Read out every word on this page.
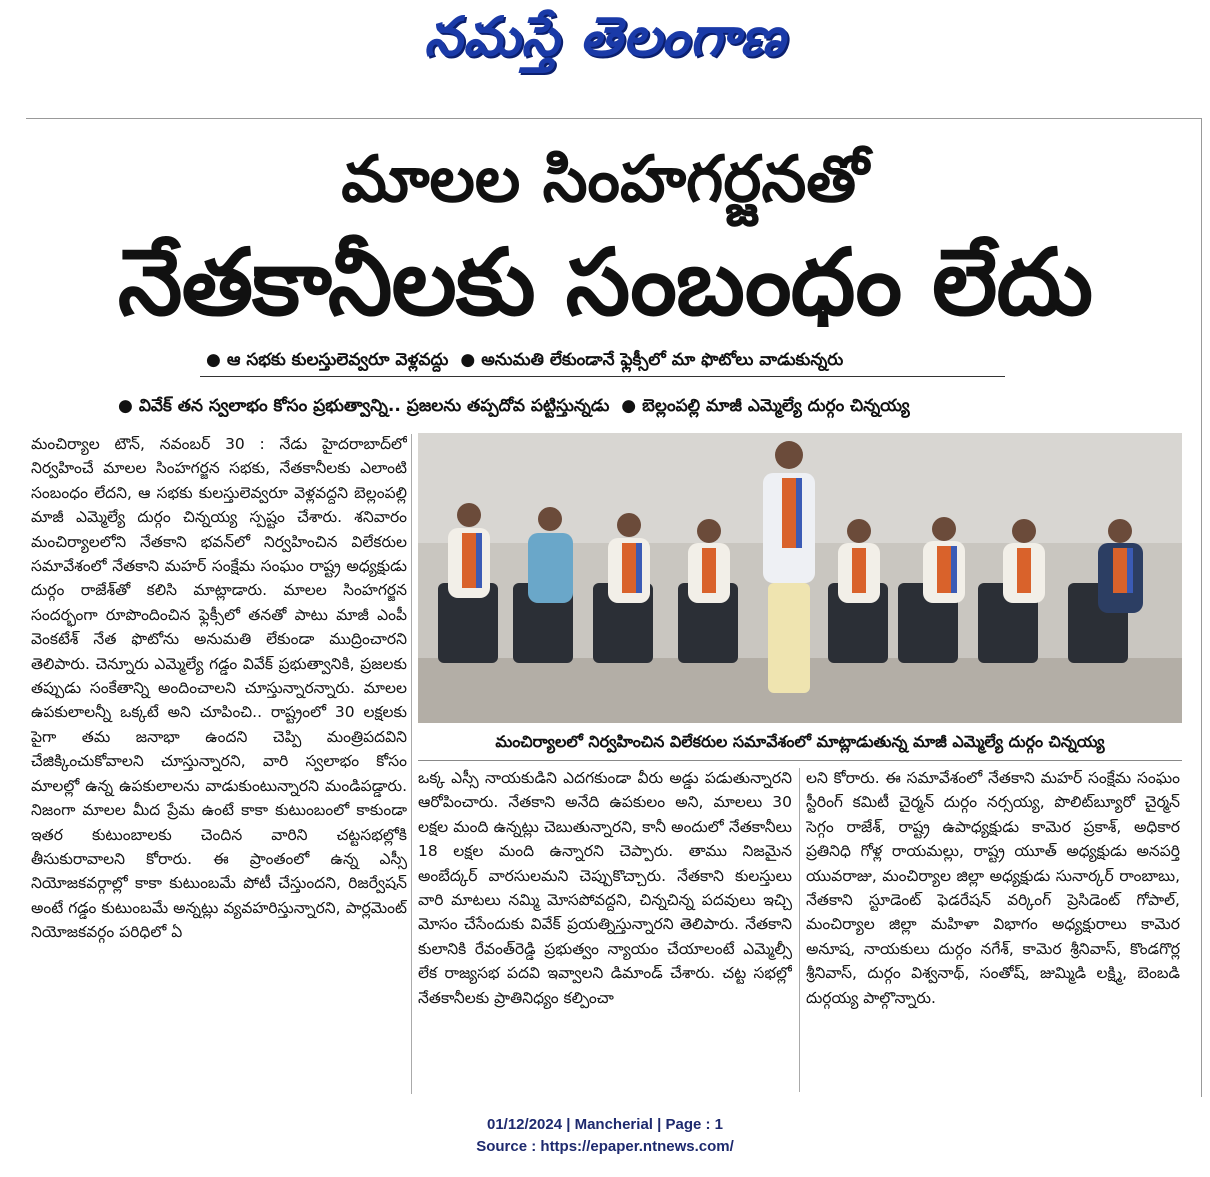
నమస్తే తెలంగాణ
మాలల సింహగర్జనతో
నేతకానీలకు సంబంధం లేదు
● ఆ సభకు కులస్తులెవ్వరూ వెళ్లవద్దు ● అనుమతి లేకుండానే ఫ్లెక్సీలో మా ఫొటోలు వాడుకున్నరు
● వివేక్‌ తన స్వలాభం కోసం ప్రభుత్వాన్ని.. ప్రజలను తప్పదోవ పట్టిస్తున్నడు ● బెల్లంపల్లి మాజీ ఎమ్మెల్యే దుర్గం చిన్నయ్య
మంచిర్యాల టౌన్‌, నవంబర్‌ 30 : నేడు హైదరాబాద్‌లో నిర్వహించే మాలల సింహగర్జన సభకు, నేతకానీలకు ఎలాంటి సంబంధం లేదని, ఆ సభకు కులస్తులెవ్వరూ వెళ్లవద్దని బెల్లంపల్లి మాజీ ఎమ్మెల్యే దుర్గం చిన్నయ్య స్పష్టం చేశారు. శనివారం మంచిర్యాలలోని నేతకాని భవన్‌లో నిర్వహించిన విలేకరుల సమావేశంలో నేతకాని మహర్‌ సంక్షేమ సంఘం రాష్ట్ర అధ్యక్షుడు దుర్గం రాజేశ్‌తో కలిసి మాట్లాడారు. మాలల సింహగర్జన సందర్భంగా రూపొందించిన ఫ్లెక్సీలో తనతో పాటు మాజీ ఎంపీ వెంకటేశ్‌ నేత ఫొటోను అనుమతి లేకుండా ముద్రించారని తెలిపారు. చెన్నూరు ఎమ్మెల్యే గడ్డం వివేక్‌ ప్రభుత్వానికి, ప్రజలకు తప్పుడు సంకేతాన్ని అందించాలని చూస్తున్నారన్నారు. మాలల ఉపకులాలన్నీ ఒక్కటే అని చూపించి.. రాష్ట్రంలో 30 లక్షలకు పైగా తమ జనాభా ఉందని చెప్పి మంత్రిపదవిని చేజిక్కించుకోవాలని చూస్తున్నారని, వారి స్వలాభం కోసం మాలల్లో ఉన్న ఉపకులాలను వాడుకుంటున్నారని మండిపడ్డారు. నిజంగా మాలల మీద ప్రేమ ఉంటే కాకా కుటుంబంలో కాకుండా ఇతర కుటుంబాలకు చెందిన వారిని చట్టసభల్లోకి తీసుకురావాలని కోరారు. ఈ ప్రాంతంలో ఉన్న ఎస్సీ నియోజకవర్గాల్లో కాకా కుటుంబమే పోటీ చేస్తుందని, రిజర్వేషన్‌ అంటే గడ్డం కుటుంబమే అన్నట్లు వ్యవహరిస్తున్నారని, పార్లమెంట్‌ నియోజకవర్గం పరిధిలో ఏ
మంచిర్యాలలో నిర్వహించిన విలేకరుల సమావేశంలో మాట్లాడుతున్న మాజీ ఎమ్మెల్యే దుర్గం చిన్నయ్య
ఒక్క ఎస్సీ నాయకుడిని ఎదగకుండా వీరు అడ్డు పడుతున్నారని ఆరోపించారు. నేతకాని అనేది ఉపకులం అని, మాలలు 30 లక్షల మంది ఉన్నట్లు చెబుతున్నారని, కానీ అందులో నేతకానీలు 18 లక్షల మంది ఉన్నారని చెప్పారు. తాము నిజమైన అంబేద్కర్‌ వారసులమని చెప్పుకొచ్చారు. నేతకాని కులస్తులు వారి మాటలు నమ్మి మోసపోవద్దని, చిన్నచిన్న పదవులు ఇచ్చి మోసం చేసేందుకు వివేక్‌ ప్రయత్నిస్తున్నారని తెలిపారు. నేతకాని కులానికి రేవంత్‌రెడ్డి ప్రభుత్వం న్యాయం చేయాలంటే ఎమ్మెల్సీ లేక రాజ్యసభ పదవి ఇవ్వాలని డిమాండ్‌ చేశారు. చట్ట సభల్లో నేతకానీలకు ప్రాతినిధ్యం కల్పించా
లని కోరారు. ఈ సమావేశంలో నేతకాని మహర్‌ సంక్షేమ సంఘం స్టీరింగ్‌ కమిటీ చైర్మన్‌ దుర్గం నర్సయ్య, పొలిట్‌బ్యూరో చైర్మన్‌ సెగ్గం రాజేశ్‌, రాష్ట్ర ఉపాధ్యక్షుడు కామెర ప్రకాశ్‌, అధికార ప్రతినిధి గోళ్ల రాయమల్లు, రాష్ట్ర యూత్‌ అధ్యక్షుడు అనపర్తి యువరాజు, మంచిర్యాల జిల్లా అధ్యక్షుడు సునార్కర్‌ రాంబాబు, నేతకాని స్టూడెంట్‌ ఫెడరేషన్‌ వర్కింగ్‌ ప్రెసిడెంట్‌ గోపాల్‌, మంచిర్యాల జిల్లా మహిళా విభాగం అధ్యక్షురాలు కామెర అనూష, నాయకులు దుర్గం నగేశ్‌, కామెర శ్రీనివాస్‌, కొండగొర్ల శ్రీనివాస్‌, దుర్గం విశ్వనాథ్‌, సంతోష్‌, జుమ్మిడి లక్ష్మి, బెంబడి దుర్గయ్య పాల్గొన్నారు.
01/12/2024 | Mancherial | Page : 1
Source : https://epaper.ntnews.com/
